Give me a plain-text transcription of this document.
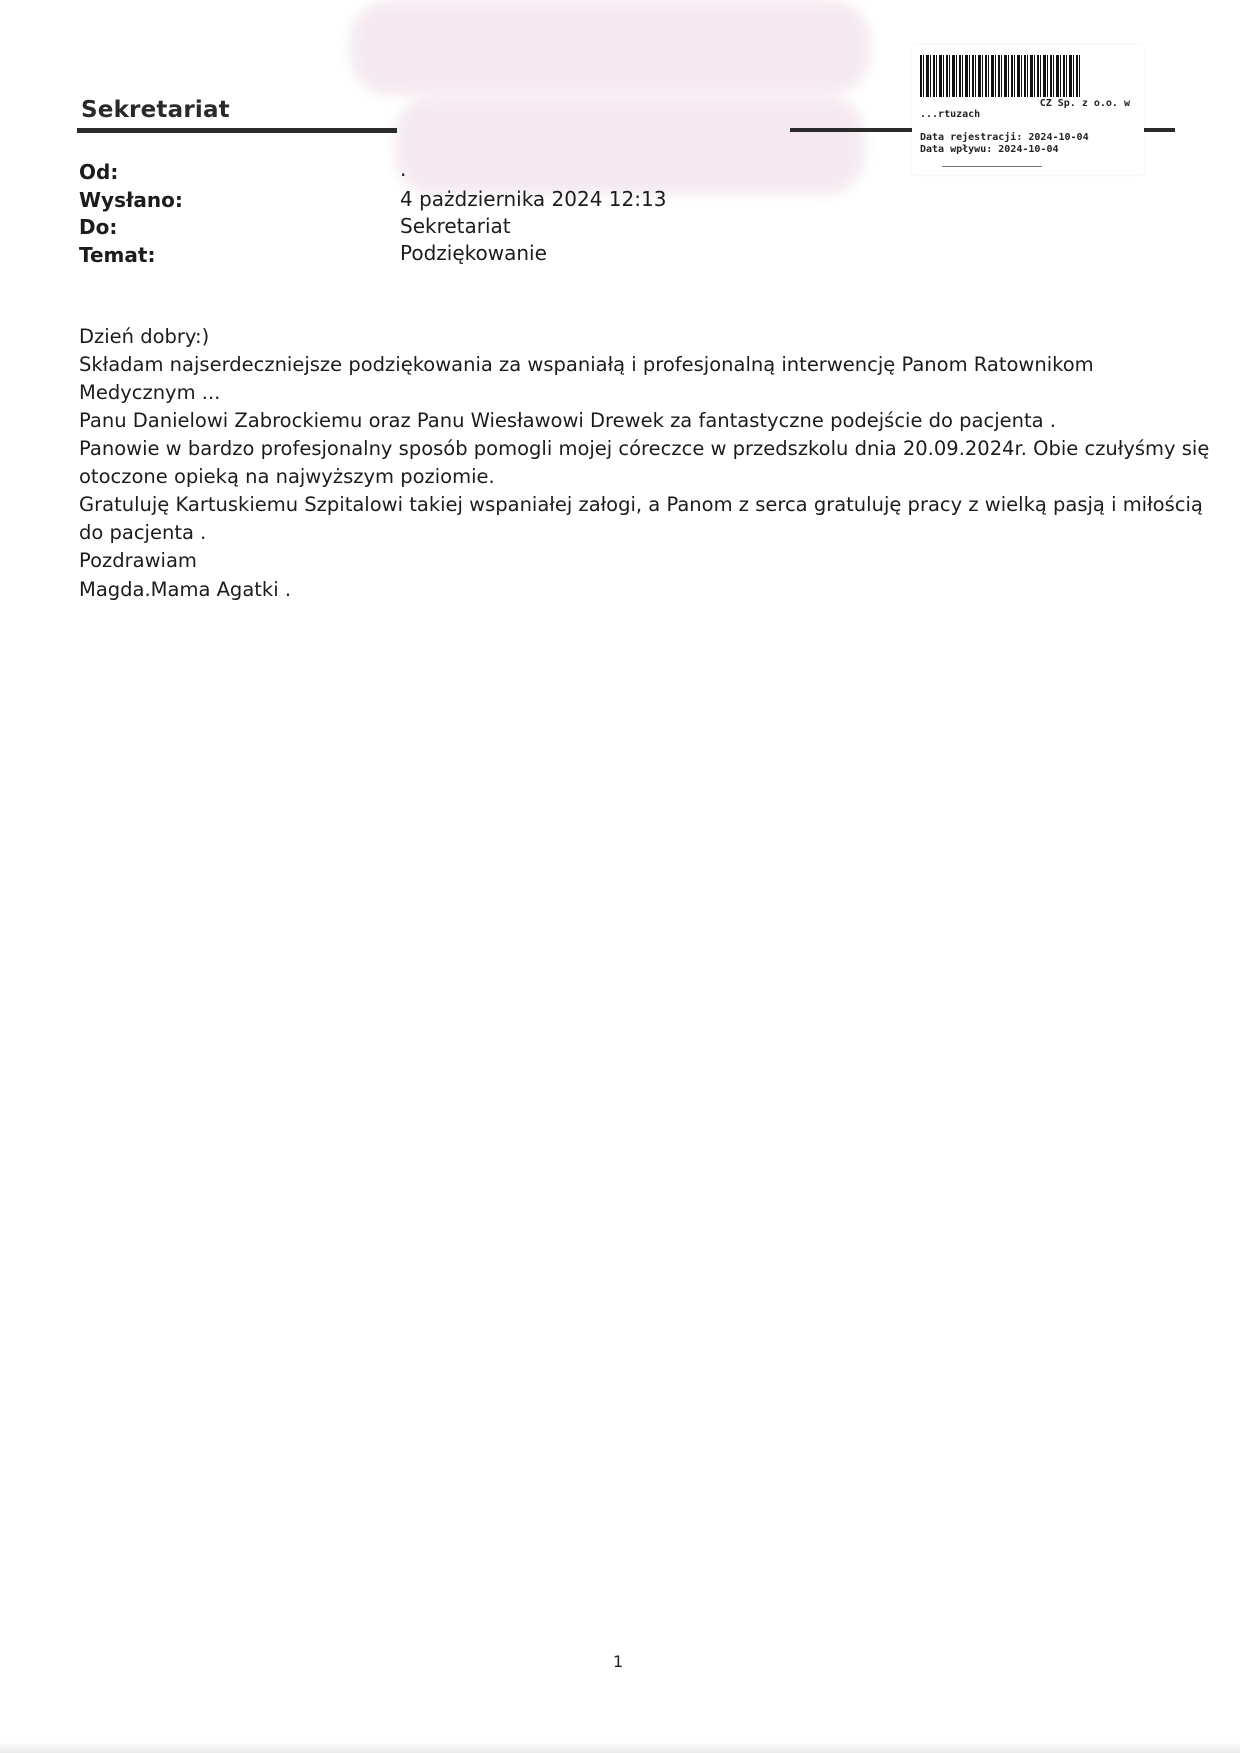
Sekretariat	CZ Sp. z o.o. w

...rtuzach
Data rejestracji: 2024-10-04
Data wpływu: 2024-10-04
Od:	.
Wysłano:	4 pażdziernika 2024 12:13
Do:	Sekretariat
Temat:	Podziękowanie
Dzień dobry:)
Składam najserdeczniejsze podziękowania za wspaniałą i profesjonalną interwencję Panom Ratownikom
Medycznym ...
Panu Danielowi Zabrockiemu oraz Panu Wiesławowi Drewek za fantastyczne podejście do pacjenta .
Panowie w bardzo profesjonalny sposób pomogli mojej córeczce w przedszkolu dnia 20.09.2024r. Obie czułyśmy się
otoczone opieką na najwyższym poziomie.
Gratuluję Kartuskiemu Szpitalowi takiej wspaniałej załogi, a Panom z serca gratuluję pracy z wielką pasją i miłością
do pacjenta .
Pozdrawiam
Magda.Mama Agatki .
1
